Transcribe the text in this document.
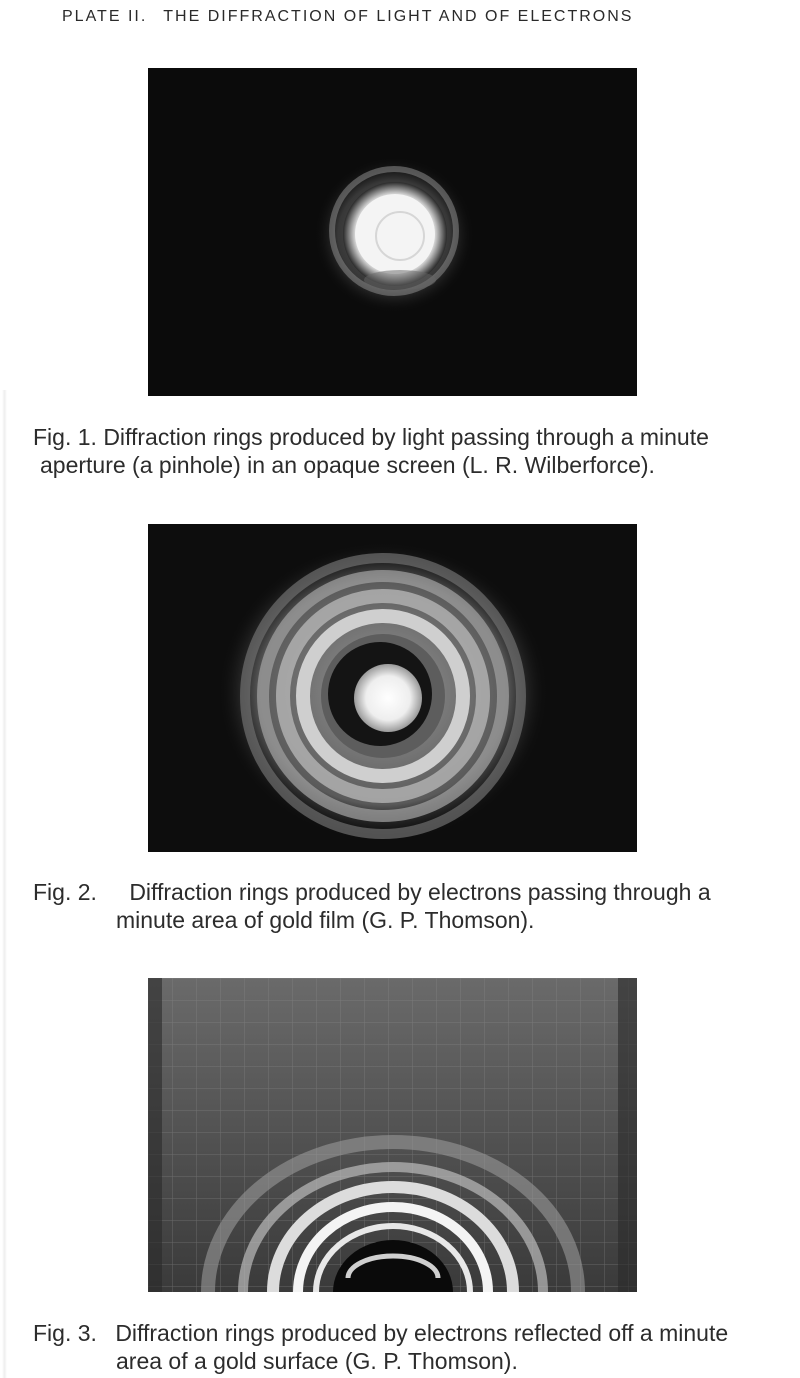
PLATE II. THE DIFFRACTION OF LIGHT AND OF ELECTRONS
Fig. 1. Diffraction rings produced by light passing through a minute
aperture (a pinhole) in an opaque screen (L. R. Wilberforce).
Fig. 2. Diffraction rings produced by electrons passing through a
minute area of gold film (G. P. Thomson).
Fig. 3. Diffraction rings produced by electrons reflected off a minute
area of a gold surface (G. P. Thomson).
